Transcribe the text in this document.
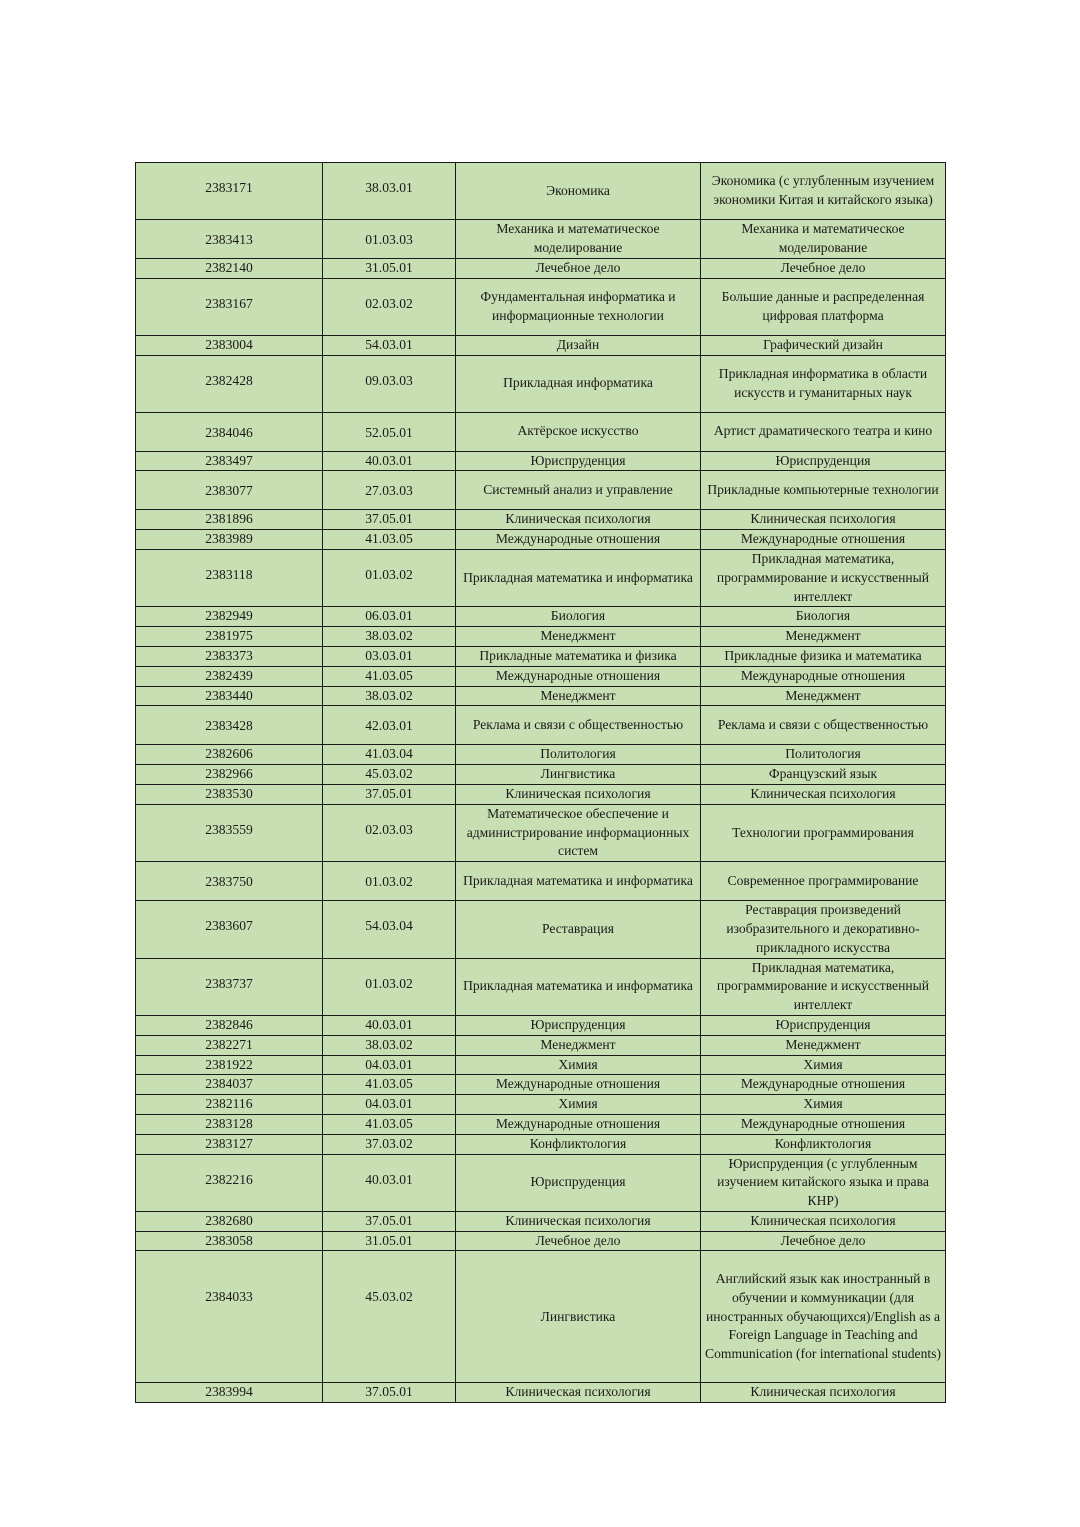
2383171	38.03.01	Экономика	Экономика (с углубленным изучением экономики Китая и китайского языка)
2383413	01.03.03	Механика и математическое моделирование	Механика и математическое моделирование
2382140	31.05.01	Лечебное дело	Лечебное дело
2383167	02.03.02	Фундаментальная информатика и информационные технологии	Большие данные и распределенная цифровая платформа
2383004	54.03.01	Дизайн	Графический дизайн
2382428	09.03.03	Прикладная информатика	Прикладная информатика в области искусств и гуманитарных наук
2384046	52.05.01	Актёрское искусство	Артист драматического театра и кино
2383497	40.03.01	Юриспруденция	Юриспруденция
2383077	27.03.03	Системный анализ и управление	Прикладные компьютерные технологии
2381896	37.05.01	Клиническая психология	Клиническая психология
2383989	41.03.05	Международные отношения	Международные отношения
2383118	01.03.02	Прикладная математика и информатика	Прикладная математика, программирование и искусственный интеллект
2382949	06.03.01	Биология	Биология
2381975	38.03.02	Менеджмент	Менеджмент
2383373	03.03.01	Прикладные математика и физика	Прикладные физика и математика
2382439	41.03.05	Международные отношения	Международные отношения
2383440	38.03.02	Менеджмент	Менеджмент
2383428	42.03.01	Реклама и связи с общественностью	Реклама и связи с общественностью
2382606	41.03.04	Политология	Политология
2382966	45.03.02	Лингвистика	Французский язык
2383530	37.05.01	Клиническая психология	Клиническая психология
2383559	02.03.03	Математическое обеспечение и администрирование информационных систем	Технологии программирования
2383750	01.03.02	Прикладная математика и информатика	Современное программирование
2383607	54.03.04	Реставрация	Реставрация произведений изобразительного и декоративно-прикладного искусства
2383737	01.03.02	Прикладная математика и информатика	Прикладная математика, программирование и искусственный интеллект
2382846	40.03.01	Юриспруденция	Юриспруденция
2382271	38.03.02	Менеджмент	Менеджмент
2381922	04.03.01	Химия	Химия
2384037	41.03.05	Международные отношения	Международные отношения
2382116	04.03.01	Химия	Химия
2383128	41.03.05	Международные отношения	Международные отношения
2383127	37.03.02	Конфликтология	Конфликтология
2382216	40.03.01	Юриспруденция	Юриспруденция (с углубленным изучением китайского языка и права КНР)
2382680	37.05.01	Клиническая психология	Клиническая психология
2383058	31.05.01	Лечебное дело	Лечебное дело
2384033	45.03.02	Лингвистика	Английский язык как иностранный в обучении и коммуникации (для иностранных обучающихся)/English as a Foreign Language in Teaching and Communication (for international students)
2383994	37.05.01	Клиническая психология	Клиническая психология
